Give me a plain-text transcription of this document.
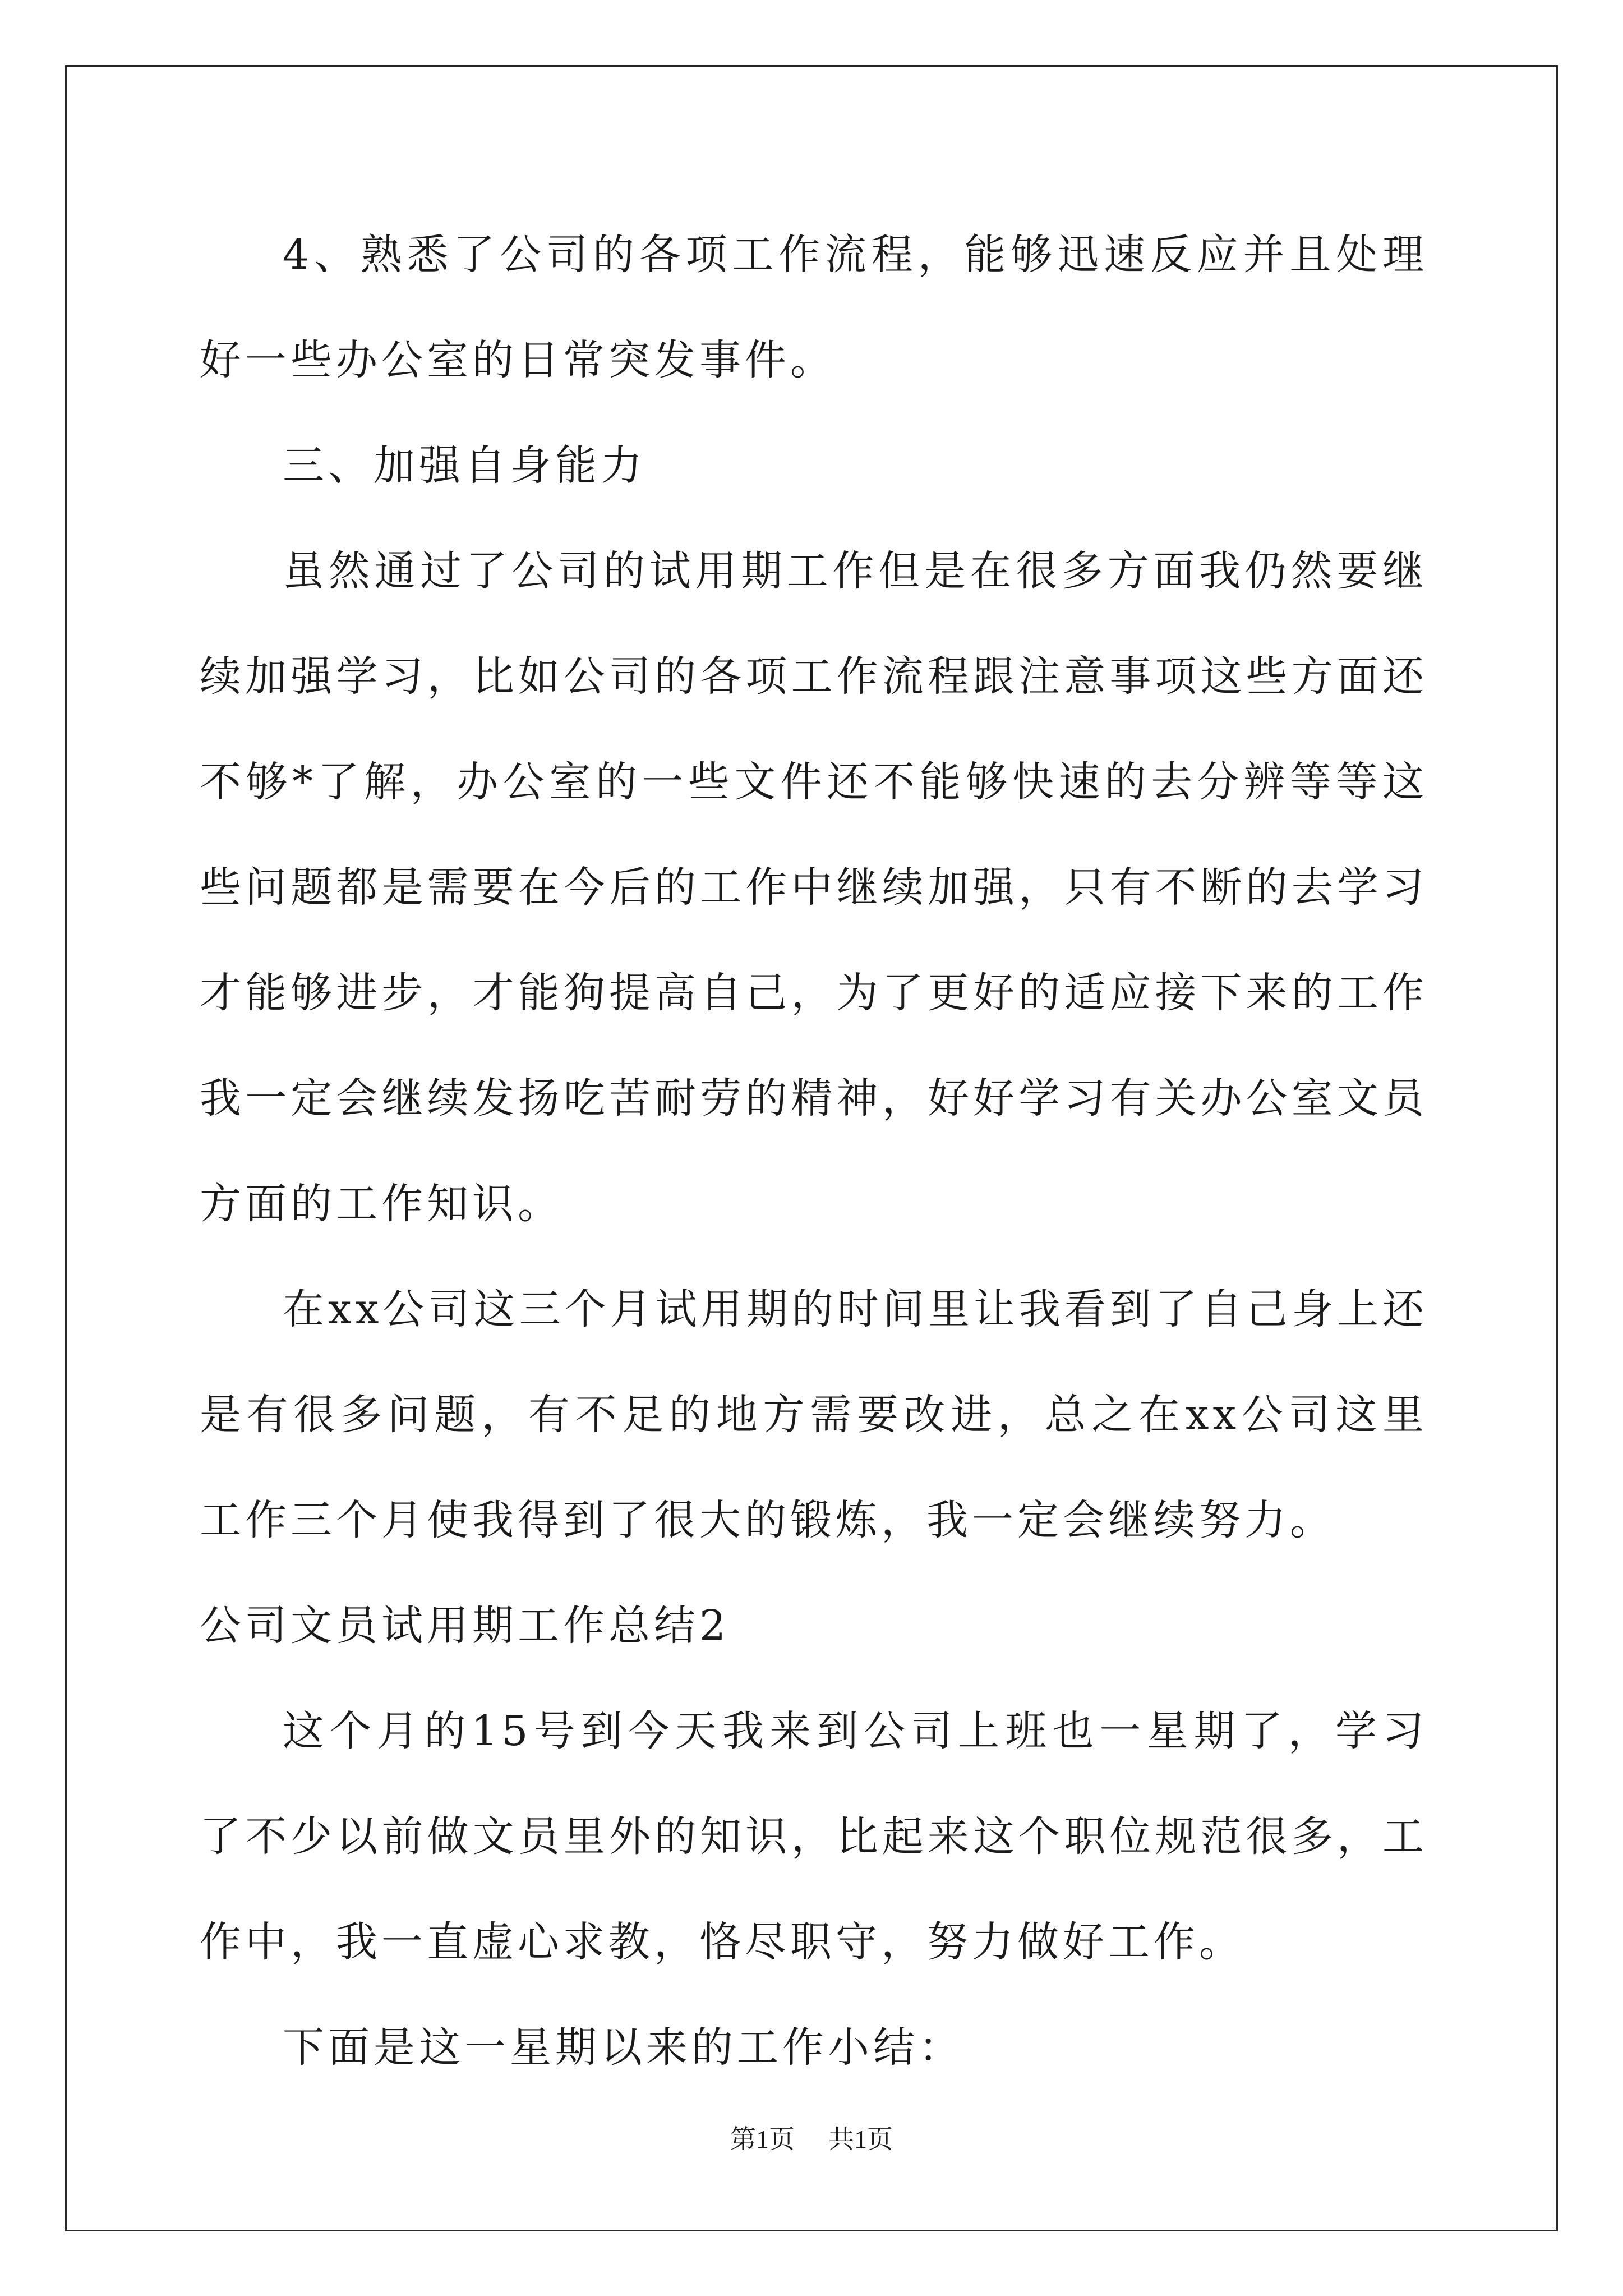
4、熟悉了公司的各项工作流程，能够迅速反应并且处理好一些办公室的日常突发事件。

三、加强自身能力

虽然通过了公司的试用期工作但是在很多方面我仍然要继续加强学习，比如公司的各项工作流程跟注意事项这些方面还不够*了解，办公室的一些文件还不能够快速的去分辨等等这些问题都是需要在今后的工作中继续加强，只有不断的去学习才能够进步，才能狗提高自己，为了更好的适应接下来的工作我一定会继续发扬吃苦耐劳的精神，好好学习有关办公室文员方面的工作知识。

在xx公司这三个月试用期的时间里让我看到了自己身上还是有很多问题，有不足的地方需要改进，总之在xx公司这里工作三个月使我得到了很大的锻炼，我一定会继续努力。

公司文员试用期工作总结2

这个月的15号到今天我来到公司上班也一星期了，学习了不少以前做文员里外的知识，比起来这个职位规范很多，工作中，我一直虚心求教，恪尽职守，努力做好工作。

下面是这一星期以来的工作小结：

第1页 共1页
